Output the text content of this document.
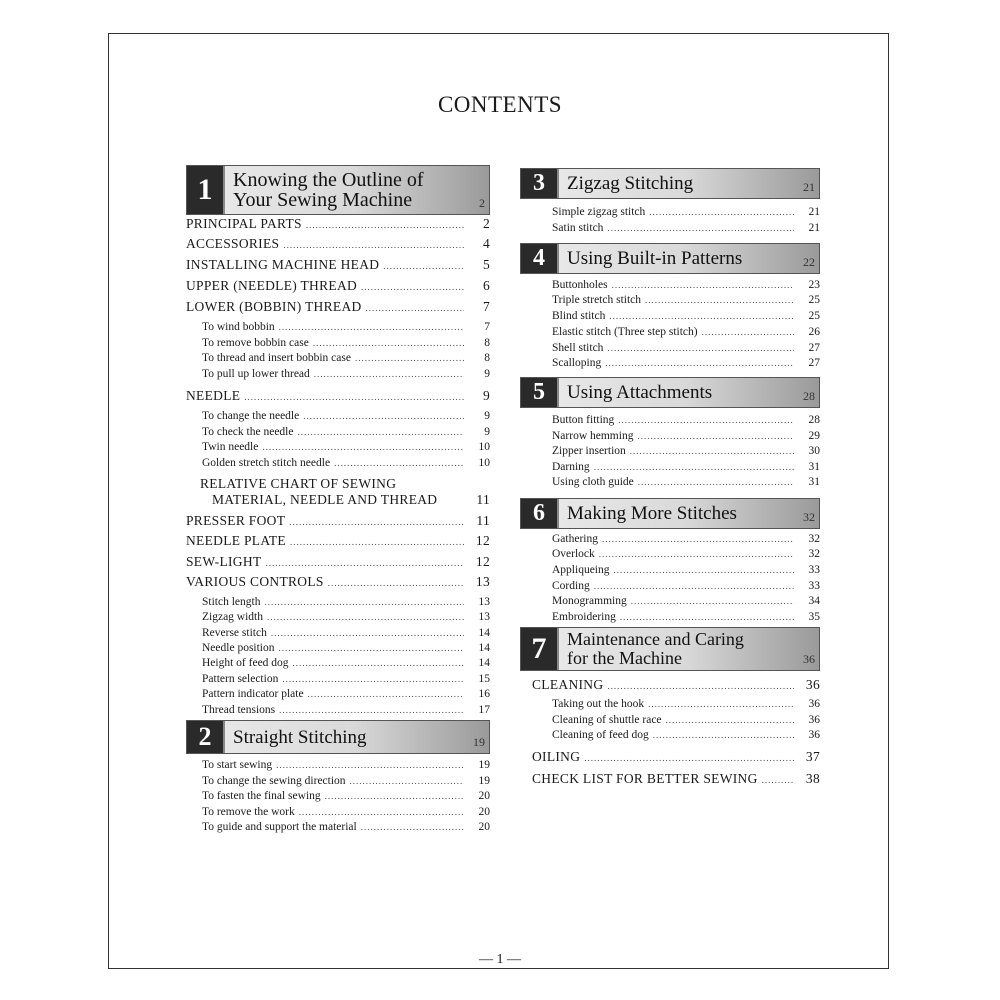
CONTENTS
1	Knowing the Outline of
Your Sewing Machine	2
PRINCIPAL PARTS .....	2
ACCESSORIES .....	4
INSTALLING MACHINE HEAD .....	5
UPPER (NEEDLE) THREAD .....	6
LOWER (BOBBIN) THREAD .....	7
To wind bobbin .....	7
To remove bobbin case .....	8
To thread and insert bobbin case .....	8
To pull up lower thread .....	9
NEEDLE .....	9
To change the needle .....	9
To check the needle .....	9
Twin needle .....	10
Golden stretch stitch needle .....	10
RELATIVE CHART OF SEWING
MATERIAL, NEEDLE AND THREAD	11
PRESSER FOOT .....	11
NEEDLE PLATE .....	12
SEW-LIGHT .....	12
VARIOUS CONTROLS .....	13
Stitch length .....	13
Zigzag width .....	13
Reverse stitch .....	14
Needle position .....	14
Height of feed dog .....	14
Pattern selection .....	15
Pattern indicator plate .....	16
Thread tensions .....	17
2	Straight Stitching	19
To start sewing .....	19
To change the sewing direction .....	19
To fasten the final sewing .....	20
To remove the work .....	20
To guide and support the material .....	20
3	Zigzag Stitching	21
Simple zigzag stitch .....	21
Satin stitch .....	21
4	Using Built-in Patterns	22
Buttonholes .....	23
Triple stretch stitch .....	25
Blind stitch .....	25
Elastic stitch (Three step stitch) .....	26
Shell stitch .....	27
Scalloping .....	27
5	Using Attachments	28
Button fitting .....	28
Narrow hemming .....	29
Zipper insertion .....	30
Darning .....	31
Using cloth guide .....	31
6	Making More Stitches	32
Gathering .....	32
Overlock .....	32
Appliqueing .....	33
Cording .....	33
Monogramming .....	34
Embroidering .....	35
7	Maintenance and Caring
for the Machine	36
CLEANING .....	36
Taking out the hook .....	36
Cleaning of shuttle race .....	36
Cleaning of feed dog .....	36
OILING .....	37
CHECK LIST FOR BETTER SEWING .....	38
— 1 —
